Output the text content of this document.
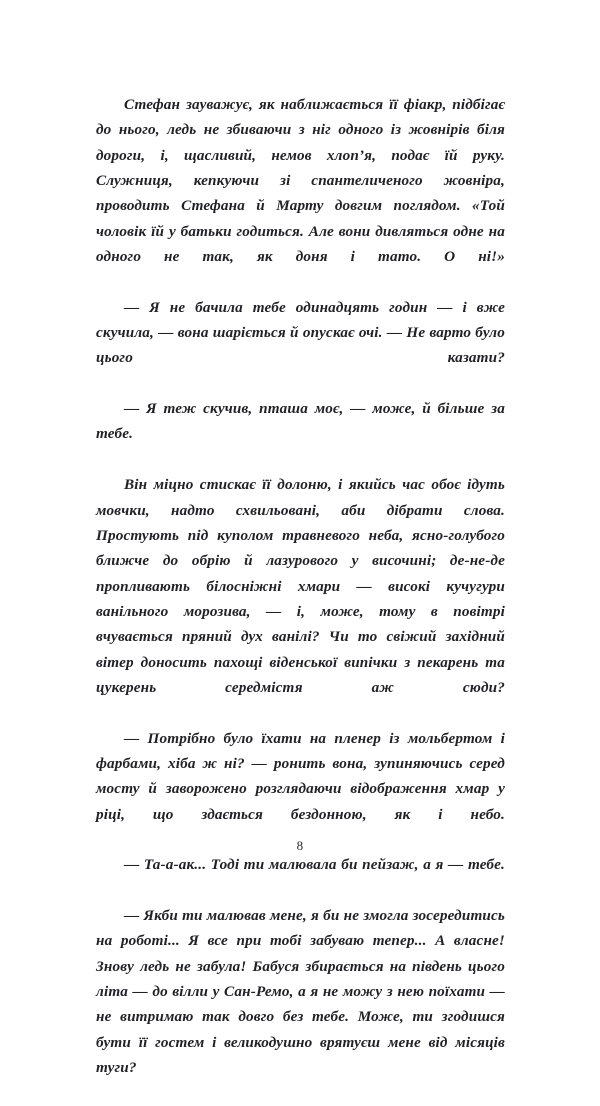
Стефан зауважує, як наближається її фіакр, підбігає до нього, ледь не збиваючи з ніг одного із жовнірів біля дороги, і, щасливий, немов хлоп’я, подає їй руку. Служниця, кепкуючи зі спантеличеного жовніра, проводить Стефана й Марту довгим поглядом. «Той чоловік їй у батьки годиться. Але вони дивляться одне на одного не так, як доня і тато. О ні!»

— Я не бачила тебе одинадцять годин — і вже скучила, — вона шаріється й опускає очі. — Не варто було цього казати?

— Я теж скучив, пташа моє, — може, й більше за тебе.

Він міцно стискає її долоню, і якийсь час обоє ідуть мовчки, надто схвильовані, аби дібрати слова. Простують під куполом травневого неба, ясно-голубого ближче до обрію й лазурового у височині; де-не-де пропливають білосніжні хмари — високі кучугури ванільного морозива, — і, може, тому в повітрі вчувається пряний дух ванілі? Чи то свіжий західний вітер доносить пахощі віденської випічки з пекарень та цукерень середмістя аж сюди?

— Потрібно було їхати на пленер із мольбертом і фарбами, хіба ж ні? — ронить вона, зупиняючись серед мосту й заворожено розглядаючи відображення хмар у ріці, що здається бездонною, як і небо.

— Та-а-ак... Тоді ти малювала би пейзаж, а я — тебе.

— Якби ти малював мене, я би не змогла зосередитись на роботі... Я все при тобі забуваю тепер... А власне! Знову ледь не забула! Бабуся збирається на південь цього літа — до вілли у Сан-Ремо, а я не можу з нею поїхати — не витримаю так довго без тебе. Може, ти згодишся бути її гостем і великодушно врятуєш мене від місяців туги?

8
